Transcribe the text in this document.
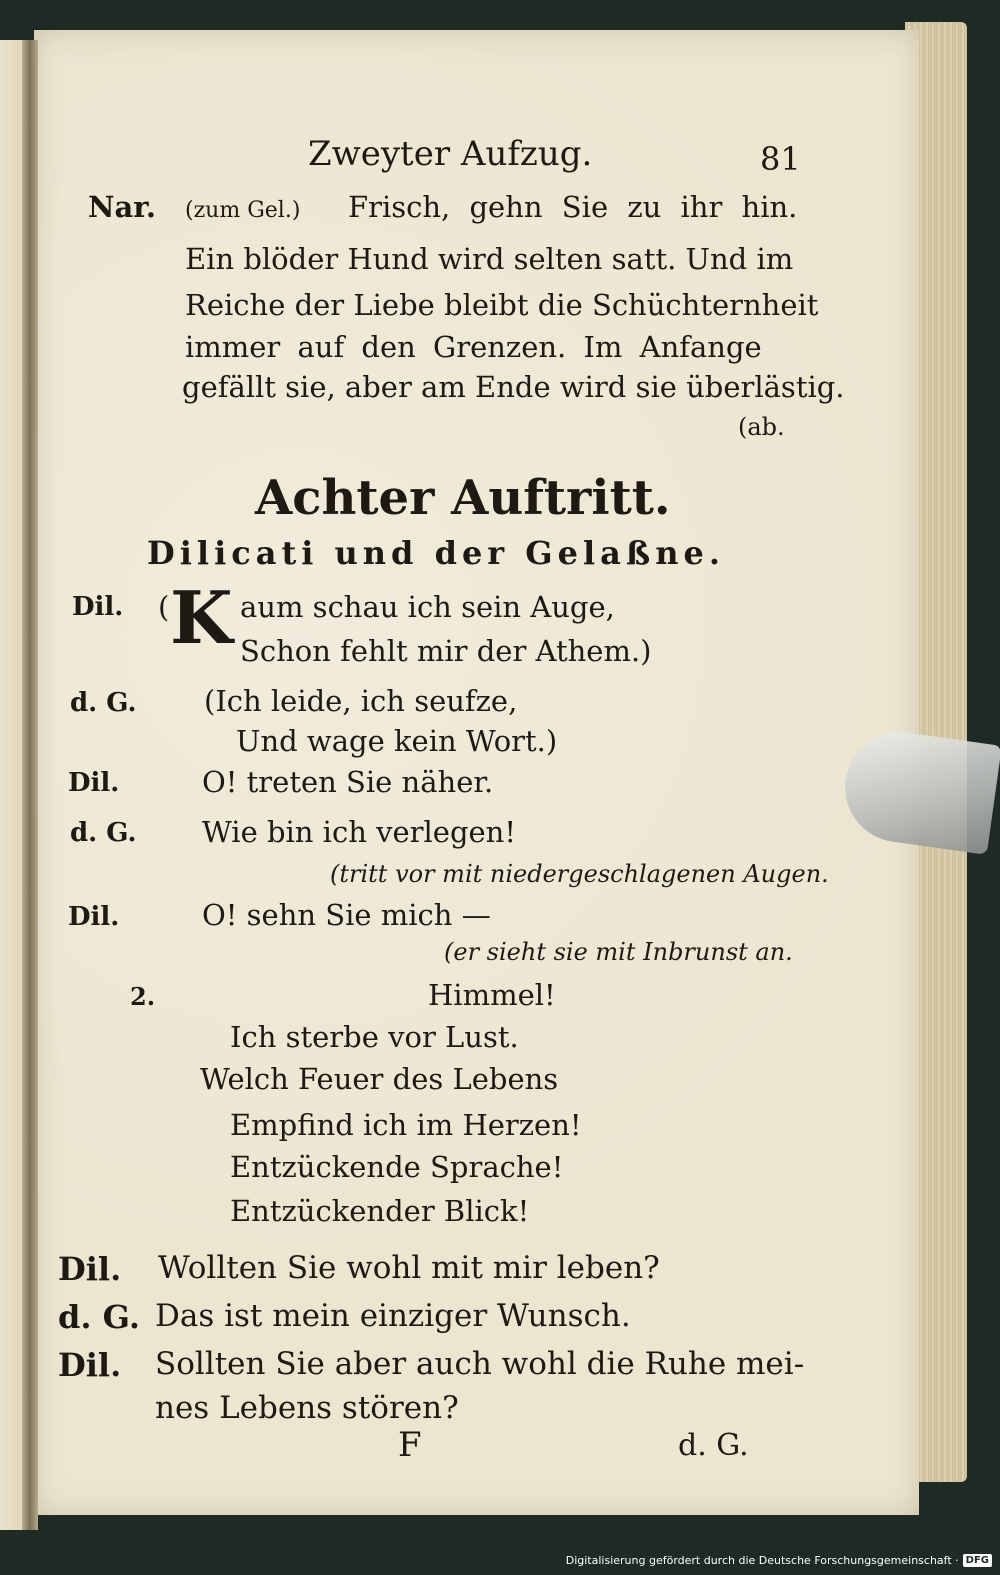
Zweyter Aufzug.	81
Nar. (zum Gel.) Frisch, gehn Sie zu ihr hin.
Ein blöder Hund wird selten satt. Und im
Reiche der Liebe bleibt die Schüchternheit
immer auf den Grenzen. Im Anfange
gefällt sie, aber am Ende wird sie überlästig.
(ab.
Achter Auftritt.
Dilicati und der Gelaßne.
Dil. ( K aum schau ich sein Auge,
Schon fehlt mir der Athem.)
d. G. (Ich leide, ich seufze,
Und wage kein Wort.)
Dil.	O! treten Sie näher.
d. G. Wie bin ich verlegen!
(tritt vor mit niedergeschlagenen Augen.
Dil.	O! sehn Sie mich —
(er sieht sie mit Inbrunst an.
2.	Himmel!
Ich sterbe vor Lust.
Welch Feuer des Lebens
Empfind ich im Herzen!
Entzückende Sprache!
Entzückender Blick!
Dil. Wollten Sie wohl mit mir leben?
d. G. Das ist mein einziger Wunsch.
Dil. Sollten Sie aber auch wohl die Ruhe mei-
nes Lebens stören?
F	d. G.
Digitalisierung gefördert durch die Deutsche Forschungsgemeinschaft · DFG
